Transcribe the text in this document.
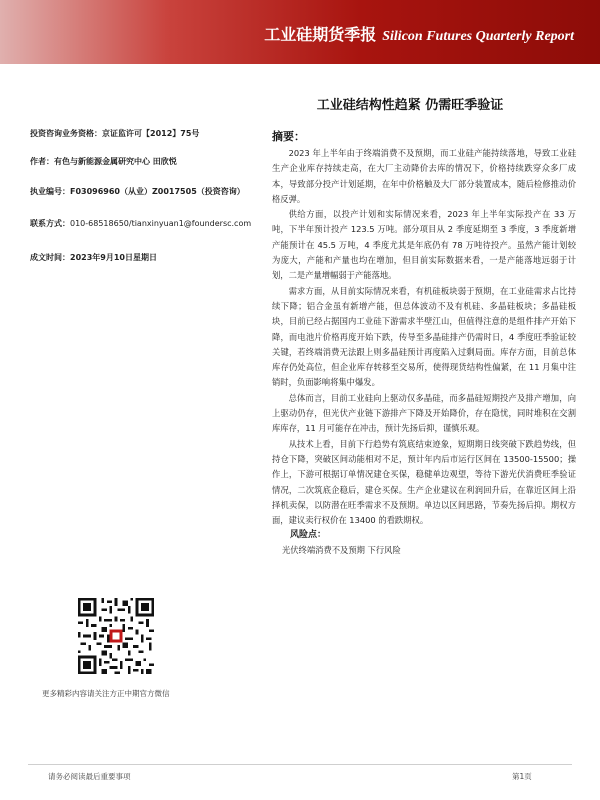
工业硅期货季报 Silicon Futures Quarterly Report
工业硅结构性趋紧 仍需旺季验证
投资咨询业务资格：京证监许可【2012】75号
作者：有色与新能源金属研究中心 田欣悦
执业编号：F03096960（从业）Z0017505（投资咨询）
联系方式：010-68518650/tianxinyuan1@foundersc.com
成文时间：2023年9月10日星期日
更多精彩内容请关注方正中期官方微信
摘要：

2023 年上半年由于终端消费不及预期，而工业硅产能持续落地，导致工业硅生产企业库存持续走高，在大厂主动降价去库的情况下，价格持续跌穿众多厂成本，导致部分投产计划延期，在年中价格触及大厂部分装置成本，随后检修推动价格反弹。

供给方面，以投产计划和实际情况来看，2023 年上半年实际投产在 33 万吨，下半年预计投产 123.5 万吨。部分项目从 2 季度延期至 3 季度，3 季度新增产能预计在 45.5 万吨，4 季度尤其是年底仍有 78 万吨待投产。虽然产能计划较为庞大，产能和产量也均在增加，但目前实际数据来看，一是产能落地远弱于计划，二是产量增幅弱于产能落地。

需求方面，从目前实际情况来看，有机硅板块弱于预期，在工业硅需求占比持续下降；铝合金虽有新增产能，但总体波动不及有机硅、多晶硅板块；多晶硅板块，目前已经占据国内工业硅下游需求半壁江山，但值得注意的是组件排产开始下降，而电池片价格再度开始下跌，传导至多晶硅排产仍需时日，4 季度旺季验证较关键，若终端消费无法跟上则多晶硅预计再度陷入过剩局面。库存方面，目前总体库存仍处高位，但企业库存转移至交易所，使得现货结构性偏紧，在 11 月集中注销时，负面影响将集中爆发。

总体而言，目前工业硅向上驱动仅多晶硅，而多晶硅短期投产及排产增加，向上驱动仍存，但光伏产业链下游排产下降及开始降价，存在隐忧，同时堆积在交割库库存，11 月可能存在冲击，预计先扬后抑，谨慎乐观。

从技术上看，目前下行趋势有筑底结束迹象，短期期日线突破下跌趋势线，但持仓下降，突破区间动能相对不足，预计年内后市运行区间在 13500-15500；操作上，下游可根据订单情况建仓买保，稳健单边观望，等待下游光伏消费旺季验证情况，二次筑底企稳后，建仓买保。生产企业建议在利润回升后，在靠近区间上沿择机卖保，以防潜在旺季需求不及预期。单边以区间思路，节奏先扬后抑。期权方面，建议卖行权价在 13400 的看跌期权。

风险点：

光伏终端消费不及预期 下行风险

请务必阅读最后重要事项	第1页
